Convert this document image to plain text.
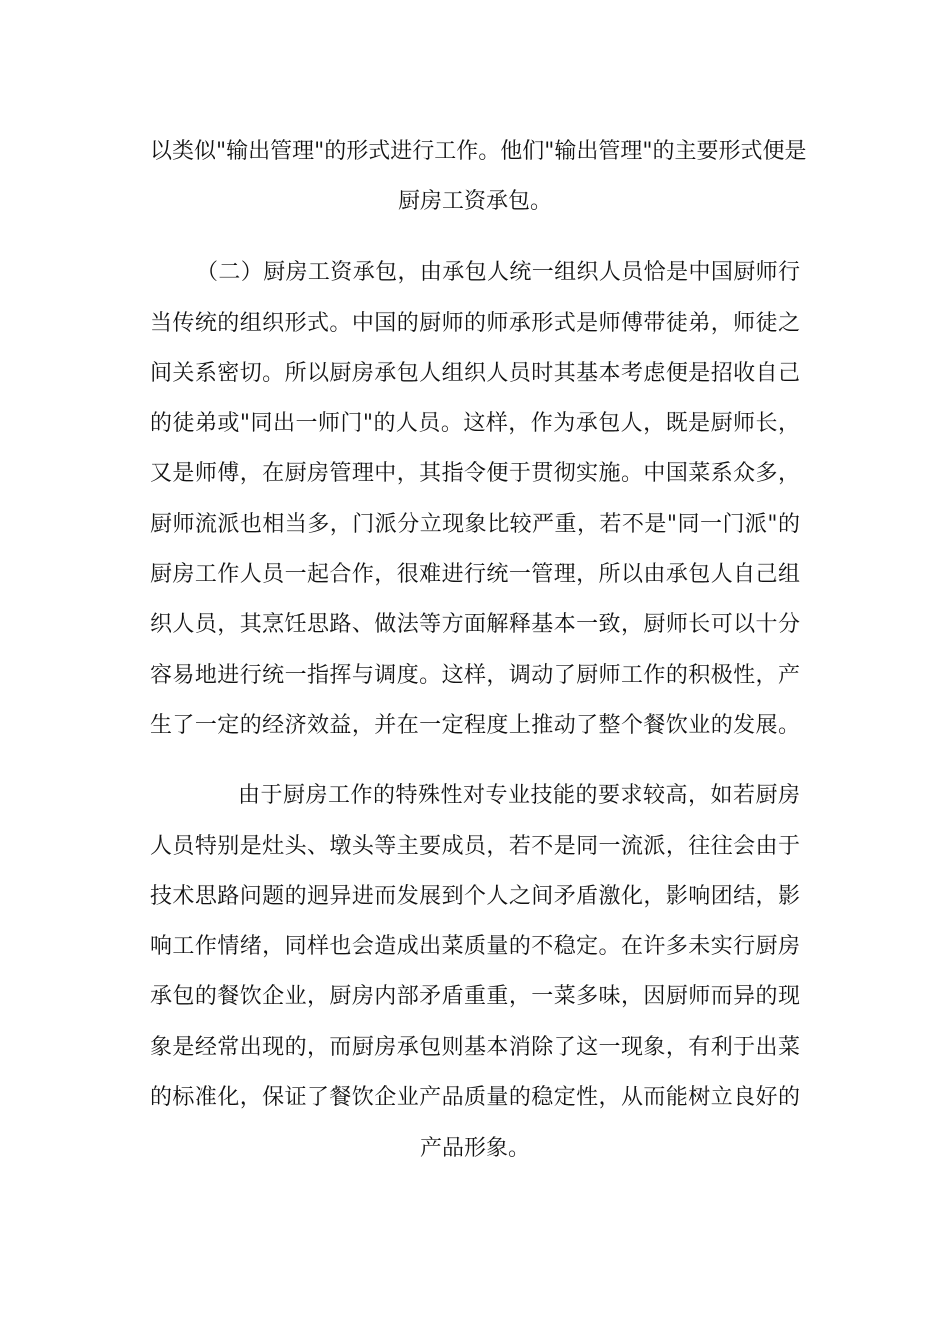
以类似"输出管理"的形式进行工作。他们"输出管理"的主要形式便是
厨房工资承包。
（二）厨房工资承包，由承包人统一组织人员恰是中国厨师行
当传统的组织形式。中国的厨师的师承形式是师傅带徒弟，师徒之
间关系密切。所以厨房承包人组织人员时其基本考虑便是招收自己
的徒弟或"同出一师门"的人员。这样，作为承包人，既是厨师长，
又是师傅，在厨房管理中，其指令便于贯彻实施。中国菜系众多，
厨师流派也相当多，门派分立现象比较严重，若不是"同一门派"的
厨房工作人员一起合作，很难进行统一管理，所以由承包人自己组
织人员，其烹饪思路、做法等方面解释基本一致，厨师长可以十分
容易地进行统一指挥与调度。这样，调动了厨师工作的积极性，产
生了一定的经济效益，并在一定程度上推动了整个餐饮业的发展。
由于厨房工作的特殊性对专业技能的要求较高，如若厨房
人员特别是灶头、墩头等主要成员，若不是同一流派，往往会由于
技术思路问题的迥异进而发展到个人之间矛盾激化，影响团结，影
响工作情绪，同样也会造成出菜质量的不稳定。在许多未实行厨房
承包的餐饮企业，厨房内部矛盾重重，一菜多味，因厨师而异的现
象是经常出现的，而厨房承包则基本消除了这一现象，有利于出菜
的标准化，保证了餐饮企业产品质量的稳定性，从而能树立良好的
产品形象。
